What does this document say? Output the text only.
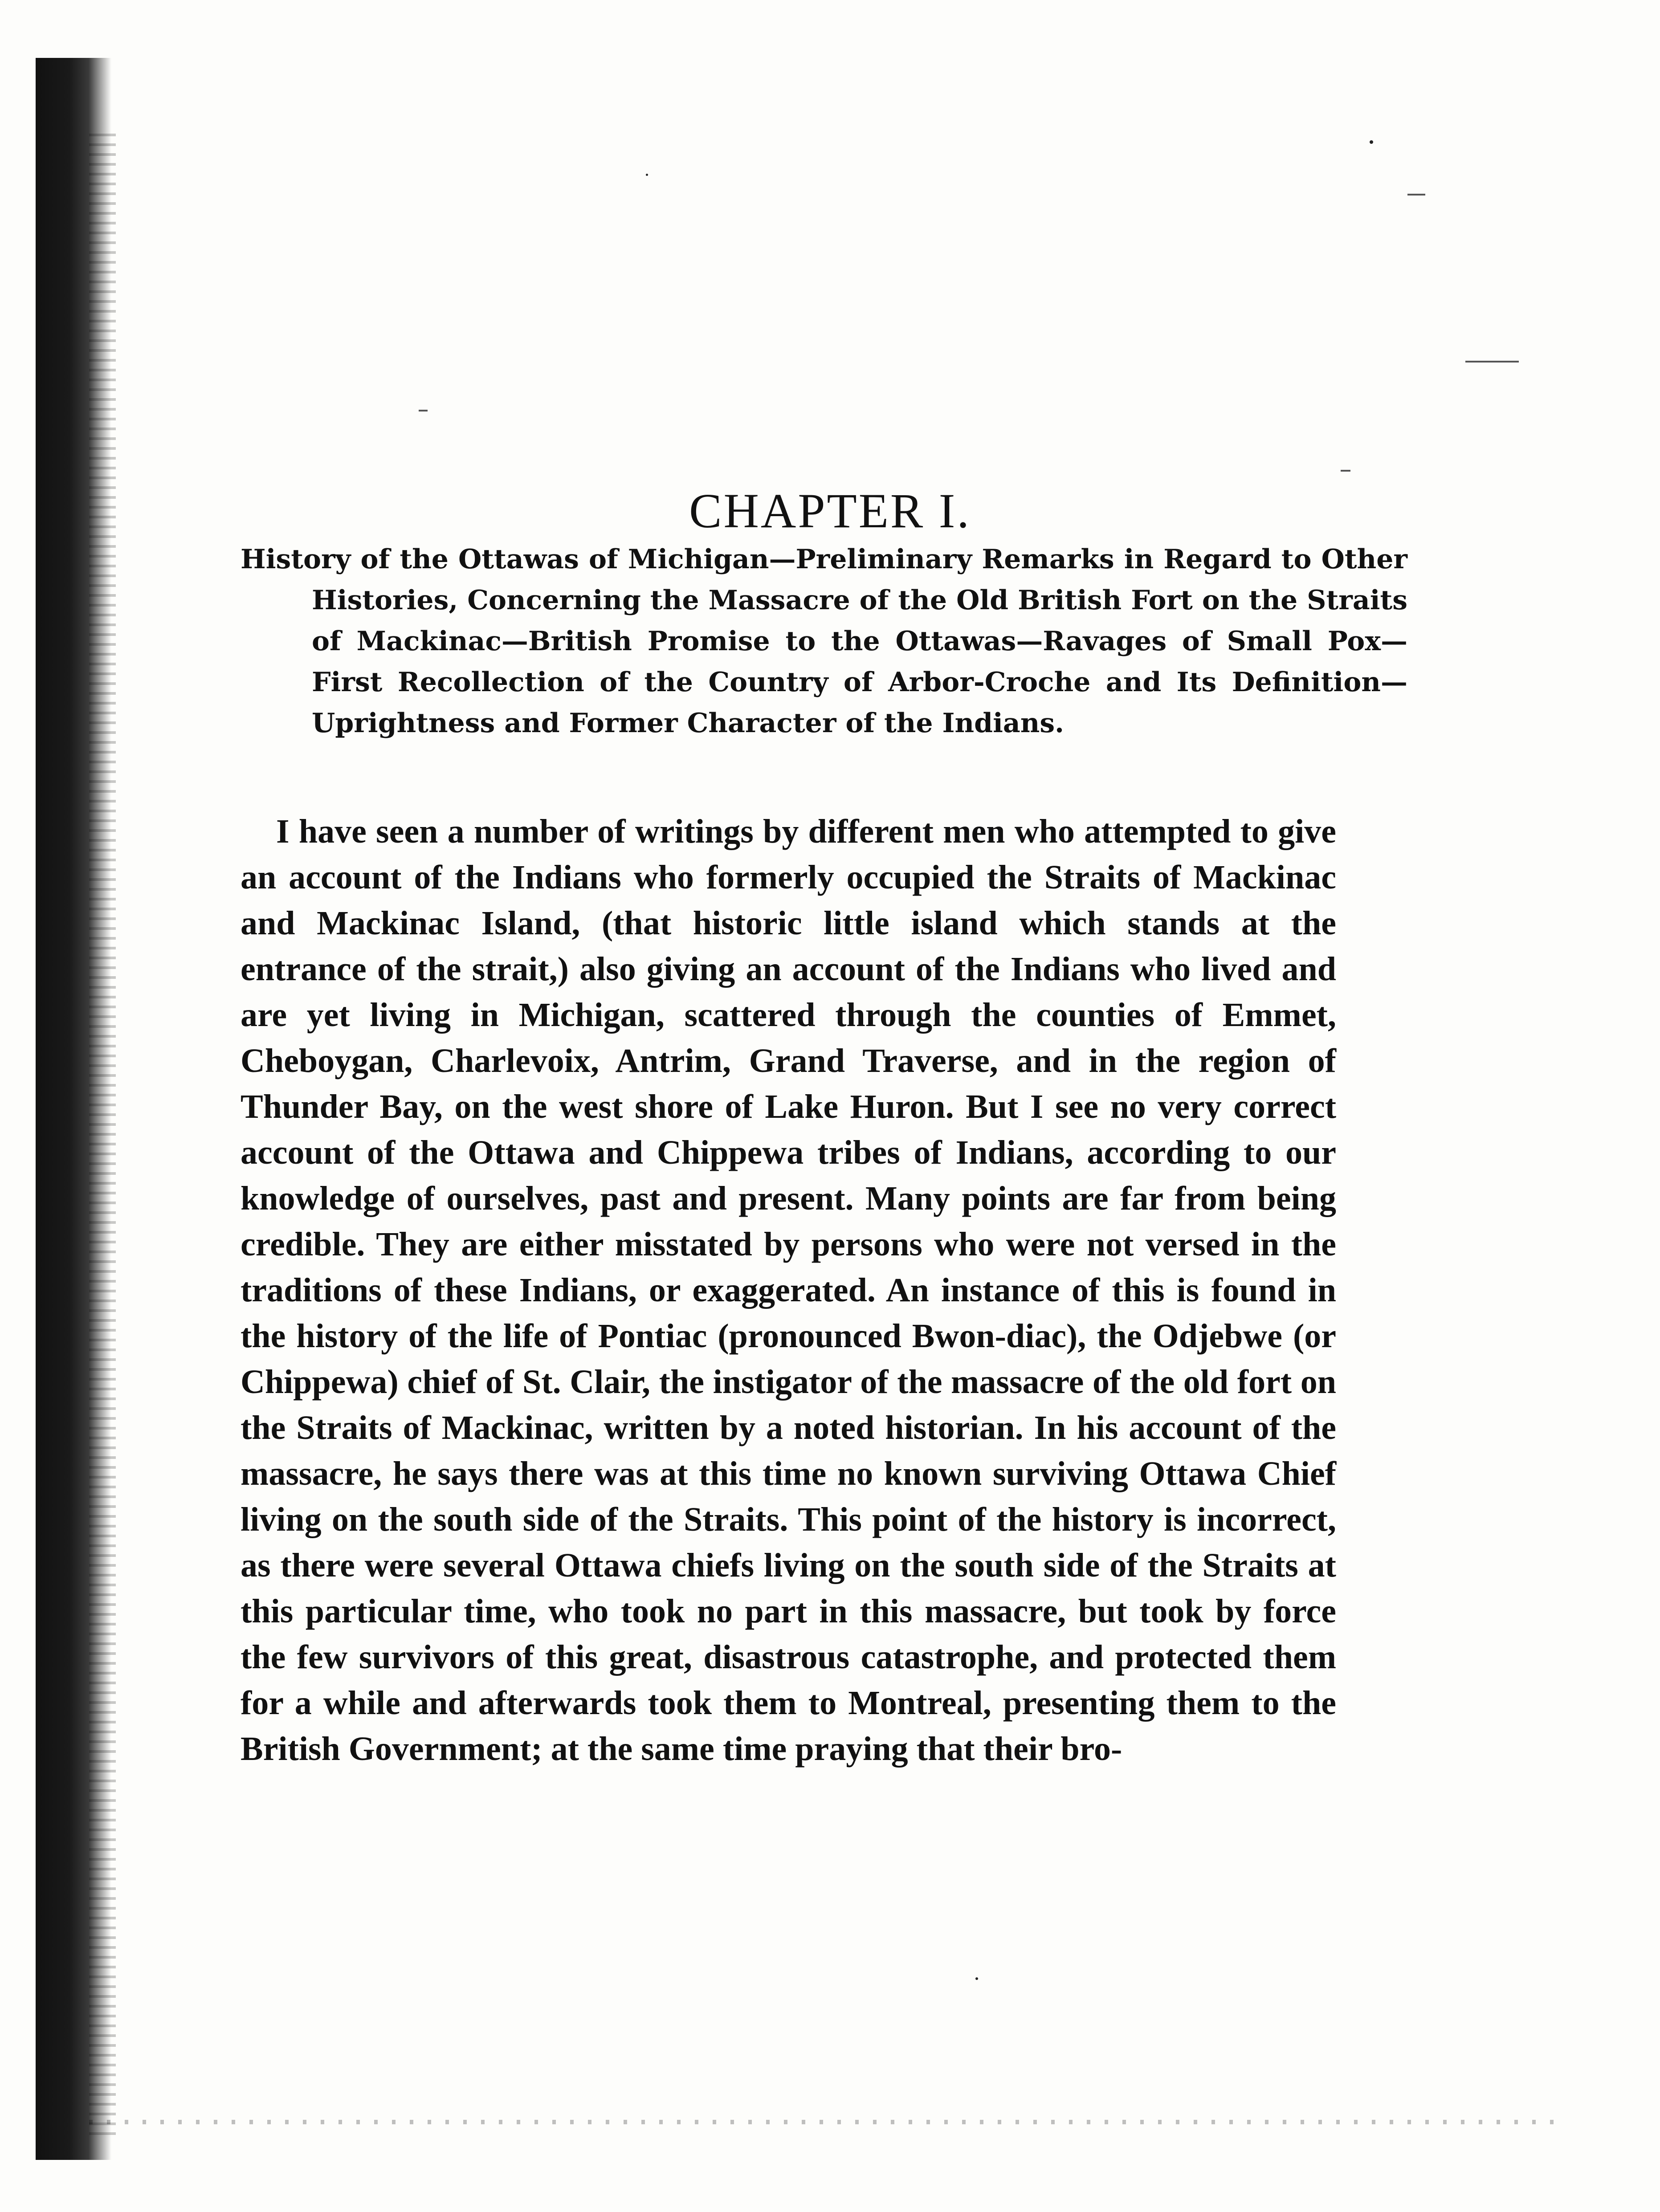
CHAPTER I.

History of the Ottawas of Michigan—Preliminary Remarks in Regard to Other Histories, Concerning the Massacre of the Old British Fort on the Straits of Mackinac—British Promise to the Ottawas—Ravages of Small Pox—First Recollection of the Country of Arbor-Croche and Its Definition—Uprightness and Former Character of the Indians.

I have seen a number of writings by different men who attempted to give an account of the Indians who formerly occupied the Straits of Mackinac and Mackinac Island, (that historic little island which stands at the entrance of the strait,) also giving an account of the Indians who lived and are yet living in Michigan, scattered through the counties of Emmet, Cheboygan, Charlevoix, Antrim, Grand Traverse, and in the region of Thunder Bay, on the west shore of Lake Huron. But I see no very correct account of the Ottawa and Chippewa tribes of Indians, according to our knowledge of ourselves, past and present. Many points are far from being credible. They are either misstated by persons who were not versed in the traditions of these Indians, or exaggerated. An instance of this is found in the history of the life of Pontiac (pronounced Bwon-diac), the Odjebwe (or Chippewa) chief of St. Clair, the instigator of the massacre of the old fort on the Straits of Mackinac, written by a noted historian. In his account of the massacre, he says there was at this time no known surviving Ottawa Chief living on the south side of the Straits. This point of the history is incorrect, as there were several Ottawa chiefs living on the south side of the Straits at this particular time, who took no part in this massacre, but took by force the few survivors of this great, disastrous catastrophe, and protected them for a while and afterwards took them to Montreal, presenting them to the British Government; at the same time praying that their bro-
